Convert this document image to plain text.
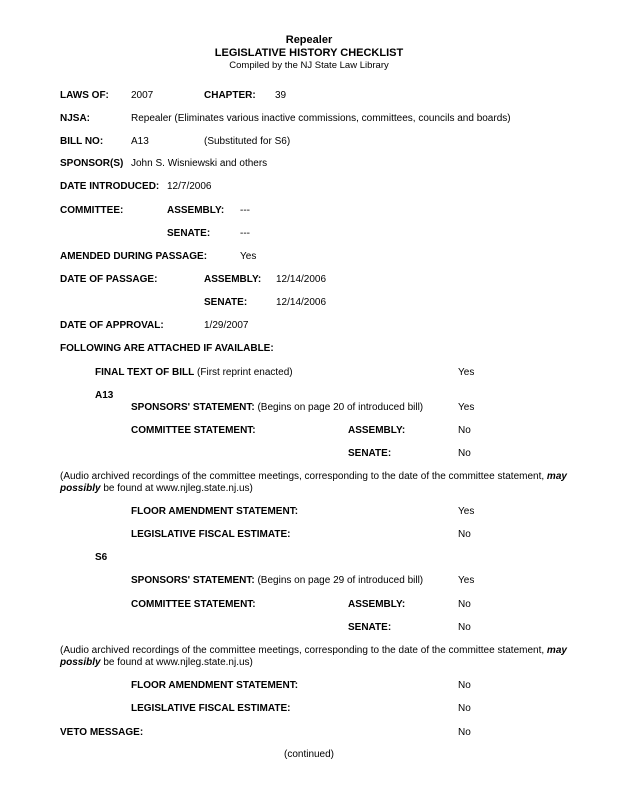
Repealer
LEGISLATIVE HISTORY CHECKLIST
Compiled by the NJ State Law Library
LAWS OF: 2007	CHAPTER: 39
NJSA:	Repealer (Eliminates various inactive commissions, committees, councils and boards)
BILL NO:	A13	(Substituted for S6)
SPONSOR(S) John S. Wisniewski and others
DATE INTRODUCED: 12/7/2006
COMMITTEE:	ASSEMBLY: ---
SENATE:	---
AMENDED DURING PASSAGE:	Yes
DATE OF PASSAGE:	ASSEMBLY: 12/14/2006
SENATE:	12/14/2006
DATE OF APPROVAL:	1/29/2007
FOLLOWING ARE ATTACHED IF AVAILABLE:
FINAL TEXT OF BILL (First reprint enacted)	Yes
A13
SPONSORS' STATEMENT: (Begins on page 20 of introduced bill)	Yes
COMMITTEE STATEMENT:	ASSEMBLY:	No
SENATE:	No
(Audio archived recordings of the committee meetings, corresponding to the date of the committee statement, may possibly be found at www.njleg.state.nj.us)
FLOOR AMENDMENT STATEMENT:	Yes
LEGISLATIVE FISCAL ESTIMATE:	No
S6
SPONSORS' STATEMENT: (Begins on page 29 of introduced bill)	Yes
COMMITTEE STATEMENT:	ASSEMBLY:	No
SENATE:	No
(Audio archived recordings of the committee meetings, corresponding to the date of the committee statement, may possibly be found at www.njleg.state.nj.us)
FLOOR AMENDMENT STATEMENT:	No
LEGISLATIVE FISCAL ESTIMATE:	No
VETO MESSAGE:	No
(continued)
